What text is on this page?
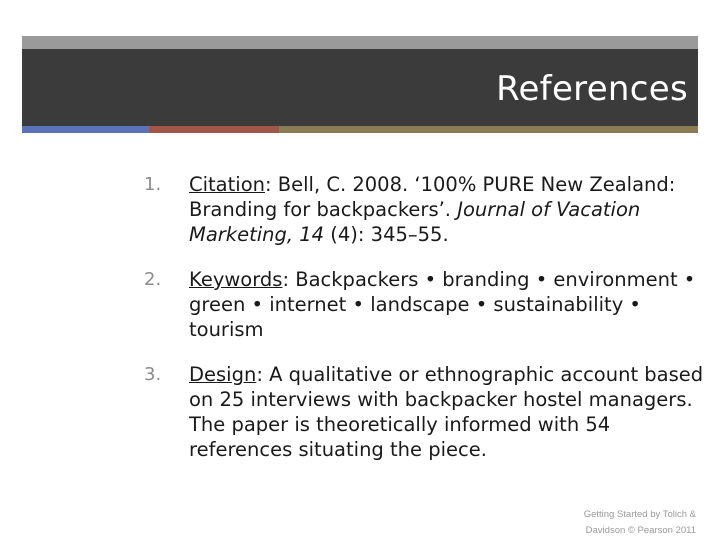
References
1. Citation: Bell, C. 2008. ‘100% PURE New Zealand: Branding for backpackers’. Journal of Vacation Marketing, 14 (4): 345–55.
2. Keywords: Backpackers • branding • environment • green • internet • landscape • sustainability • tourism
3. Design: A qualitative or ethnographic account based on 25 interviews with backpacker hostel managers. The paper is theoretically informed with 54 references situating the piece.
Getting Started by Tolich &
Davidson © Pearson 2011
